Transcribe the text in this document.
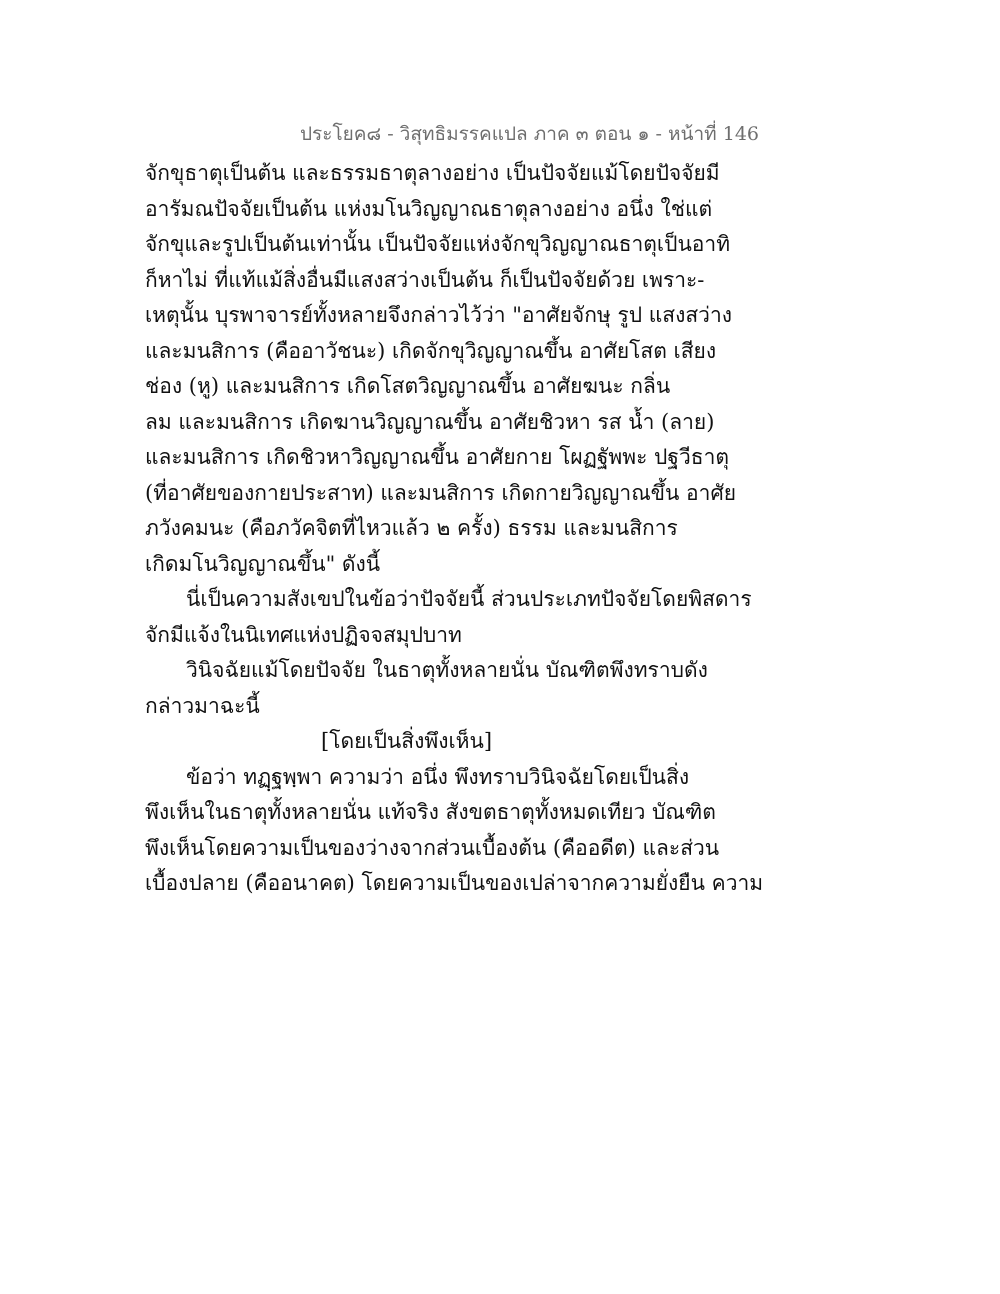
ประโยค๘ - วิสุทธิมรรคแปล ภาค ๓ ตอน ๑ - หน้าที่ 146
จักขุธาตุเป็นต้น และธรรมธาตุลางอย่าง เป็นปัจจัยแม้โดยปัจจัยมี
อารัมณปัจจัยเป็นต้น แห่งมโนวิญญาณธาตุลางอย่าง อนึ่ง ใช่แต่
จักขุและรูปเป็นต้นเท่านั้น เป็นปัจจัยแห่งจักขุวิญญาณธาตุเป็นอาทิ
ก็หาไม่ ที่แท้แม้สิ่งอื่นมีแสงสว่างเป็นต้น ก็เป็นปัจจัยด้วย เพราะ-
เหตุนั้น บุรพาจารย์ทั้งหลายจึงกล่าวไว้ว่า "อาศัยจักษุ รูป แสงสว่าง
และมนสิการ (คืออาวัชนะ) เกิดจักขุวิญญาณขึ้น อาศัยโสต เสียง
ช่อง (หู) และมนสิการ เกิดโสตวิญญาณขึ้น อาศัยฆนะ กลิ่น
ลม และมนสิการ เกิดฆานวิญญาณขึ้น อาศัยชิวหา รส น้ำ (ลาย)
และมนสิการ เกิดชิวหาวิญญาณขึ้น อาศัยกาย โผฏฐัพพะ ปฐวีธาตุ
(ที่อาศัยของกายประสาท) และมนสิการ เกิดกายวิญญาณขึ้น อาศัย
ภวังคมนะ (คือภวัคจิตที่ไหวแล้ว ๒ ครั้ง) ธรรม และมนสิการ
เกิดมโนวิญญาณขึ้น" ดังนี้
นี่เป็นความสังเขปในข้อว่าปัจจัยนี้ ส่วนประเภทปัจจัยโดยพิสดาร
จักมีแจ้งในนิเทศแห่งปฏิจจสมุปบาท
วินิจฉัยแม้โดยปัจจัย ในธาตุทั้งหลายนั่น บัณฑิตพึงทราบดัง
กล่าวมาฉะนี้
[โดยเป็นสิ่งพึงเห็น]
ข้อว่า ทฏฺฐพฺพา ความว่า อนึ่ง พึงทราบวินิจฉัยโดยเป็นสิ่ง
พึงเห็นในธาตุทั้งหลายนั่น แท้จริง สังขตธาตุทั้งหมดเทียว บัณฑิต
พึงเห็นโดยความเป็นของว่างจากส่วนเบื้องต้น (คืออดีต) และส่วน
เบื้องปลาย (คืออนาคต) โดยความเป็นของเปล่าจากความยั่งยืน ความ
